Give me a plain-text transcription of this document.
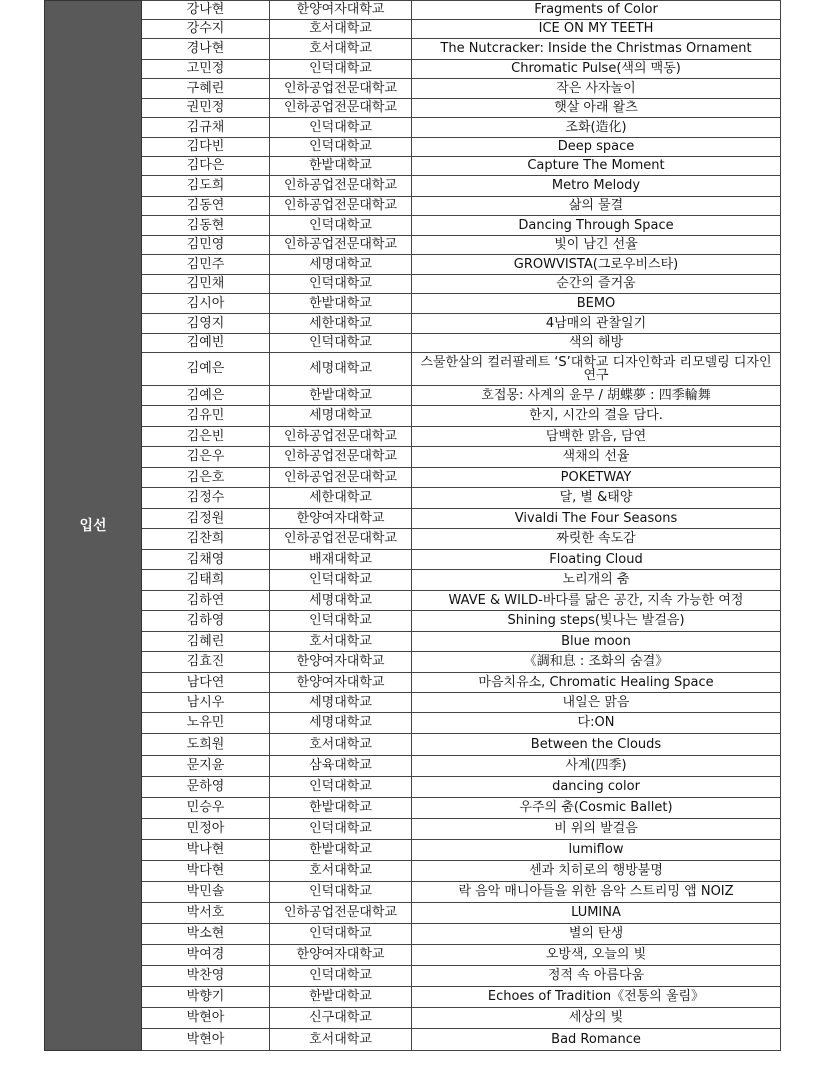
입선	강나현	한양여자대학교	Fragments of Color
	강수지	호서대학교	ICE ON MY TEETH
	경나현	호서대학교	The Nutcracker: Inside the Christmas Ornament
	고민정	인덕대학교	Chromatic Pulse(색의 맥동)
	구혜린	인하공업전문대학교	작은 사자놀이
	권민정	인하공업전문대학교	햇살 아래 왈츠
	김규채	인덕대학교	조화(造化)
	김다빈	인덕대학교	Deep space
	김다은	한밭대학교	Capture The Moment
	김도희	인하공업전문대학교	Metro Melody
	김동연	인하공업전문대학교	삶의 물결
	김동현	인덕대학교	Dancing Through Space
	김민영	인하공업전문대학교	빛이 남긴 선율
	김민주	세명대학교	GROWVISTA(그로우비스타)
	김민채	인덕대학교	순간의 즐거움
	김시아	한밭대학교	BEMO
	김영지	세한대학교	4남매의 관찰일기
	김예빈	인덕대학교	색의 해방
	김예은	세명대학교	스물한살의 컬러팔레트 ‘S’대학교 디자인학과 리모델링 디자인 연구
	김예은	한밭대학교	호접몽: 사계의 윤무 / 胡蝶夢 : 四季輪舞
	김유민	세명대학교	한지, 시간의 결을 담다.
	김은빈	인하공업전문대학교	담백한 맑음, 담연
	김은우	인하공업전문대학교	색채의 선율
	김은호	인하공업전문대학교	POKETWAY
	김정수	세한대학교	달, 별 &태양
	김정원	한양여자대학교	Vivaldi The Four Seasons
	김찬희	인하공업전문대학교	짜릿한 속도감
	김채영	배재대학교	Floating Cloud
	김태희	인덕대학교	노리개의 춤
	김하연	세명대학교	WAVE & WILD-바다를 닮은 공간, 지속 가능한 여정
	김하영	인덕대학교	Shining steps(빛나는 발걸음)
	김혜린	호서대학교	Blue moon
	김효진	한양여자대학교	《調和息 : 조화의 숨결》
	남다연	한양여자대학교	마음치유소, Chromatic Healing Space
	남시우	세명대학교	내일은 맑음
	노유민	세명대학교	다:ON
	도희원	호서대학교	Between the Clouds
	문지윤	삼육대학교	사계(四季)
	문하영	인덕대학교	dancing color
	민승우	한밭대학교	우주의 춤(Cosmic Ballet)
	민정아	인덕대학교	비 위의 발걸음
	박나현	한밭대학교	lumiflow
	박다현	호서대학교	센과 치히로의 행방불명
	박민솔	인덕대학교	락 음악 매니아들을 위한 음악 스트리밍 앱 NOIZ
	박서호	인하공업전문대학교	LUMINA
	박소현	인덕대학교	별의 탄생
	박여경	한양여자대학교	오방색, 오늘의 빛
	박찬영	인덕대학교	정적 속 아름다움
	박향기	한밭대학교	Echoes of Tradition《전통의 울림》
	박현아	신구대학교	세상의 빛
	박현아	호서대학교	Bad Romance
